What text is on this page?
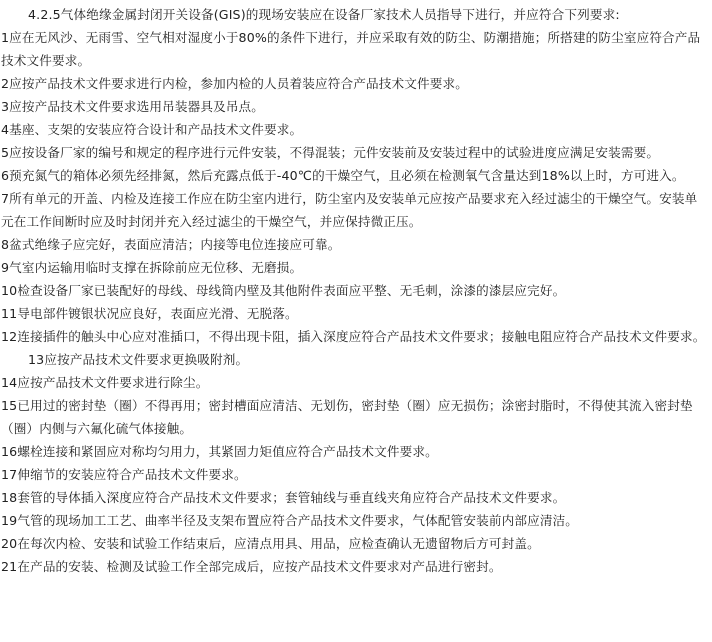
4.2.5气体绝缘金属封闭开关设备(GIS)的现场安装应在设备厂家技术人员指导下进行，并应符合下列要求:
1应在无风沙、无雨雪、空气相对湿度小于80%的条件下进行，并应采取有效的防尘、防潮措施；所搭建的防尘室应符合产品技术文件要求。
2应按产品技术文件要求进行内检，参加内检的人员着装应符合产品技术文件要求。
3应按产品技术文件要求选用吊装器具及吊点。
4基座、支架的安装应符合设计和产品技术文件要求。
5应按设备厂家的编号和规定的程序进行元件安装，不得混装；元件安装前及安装过程中的试验进度应满足安装需要。
6预充氮气的箱体必须先经排氮，然后充露点低于-40℃的干燥空气，且必须在检测氧气含量达到18%以上时，方可进入。
7所有单元的开盖、内检及连接工作应在防尘室内进行，防尘室内及安装单元应按产品要求充入经过滤尘的干燥空气。安装单元在工作间断时应及时封闭并充入经过滤尘的干燥空气，并应保持微正压。
8盆式绝缘子应完好，表面应清洁；内接等电位连接应可靠。
9气室内运输用临时支撑在拆除前应无位移、无磨损。
10检查设备厂家已装配好的母线、母线筒内壁及其他附件表面应平整、无毛刺，涂漆的漆层应完好。
11导电部件镀银状况应良好，表面应光滑、无脱落。
12连接插件的触头中心应对准插口，不得出现卡阻，插入深度应符合产品技术文件要求；接触电阻应符合产品技术文件要求。
13应按产品技术文件要求更换吸附剂。
14应按产品技术文件要求进行除尘。
15已用过的密封垫（圈）不得再用；密封槽面应清洁、无划伤，密封垫（圈）应无损伤；涂密封脂时，不得使其流入密封垫（圈）内侧与六氟化硫气体接触。
16螺栓连接和紧固应对称均匀用力，其紧固力矩值应符合产品技术文件要求。
17伸缩节的安装应符合产品技术文件要求。
18套管的导体插入深度应符合产品技术文件要求；套管轴线与垂直线夹角应符合产品技术文件要求。
19气管的现场加工工艺、曲率半径及支架布置应符合产品技术文件要求，气体配管安装前内部应清洁。
20在每次内检、安装和试验工作结束后，应清点用具、用品，应检查确认无遗留物后方可封盖。
21在产品的安装、检测及试验工作全部完成后，应按产品技术文件要求对产品进行密封。
